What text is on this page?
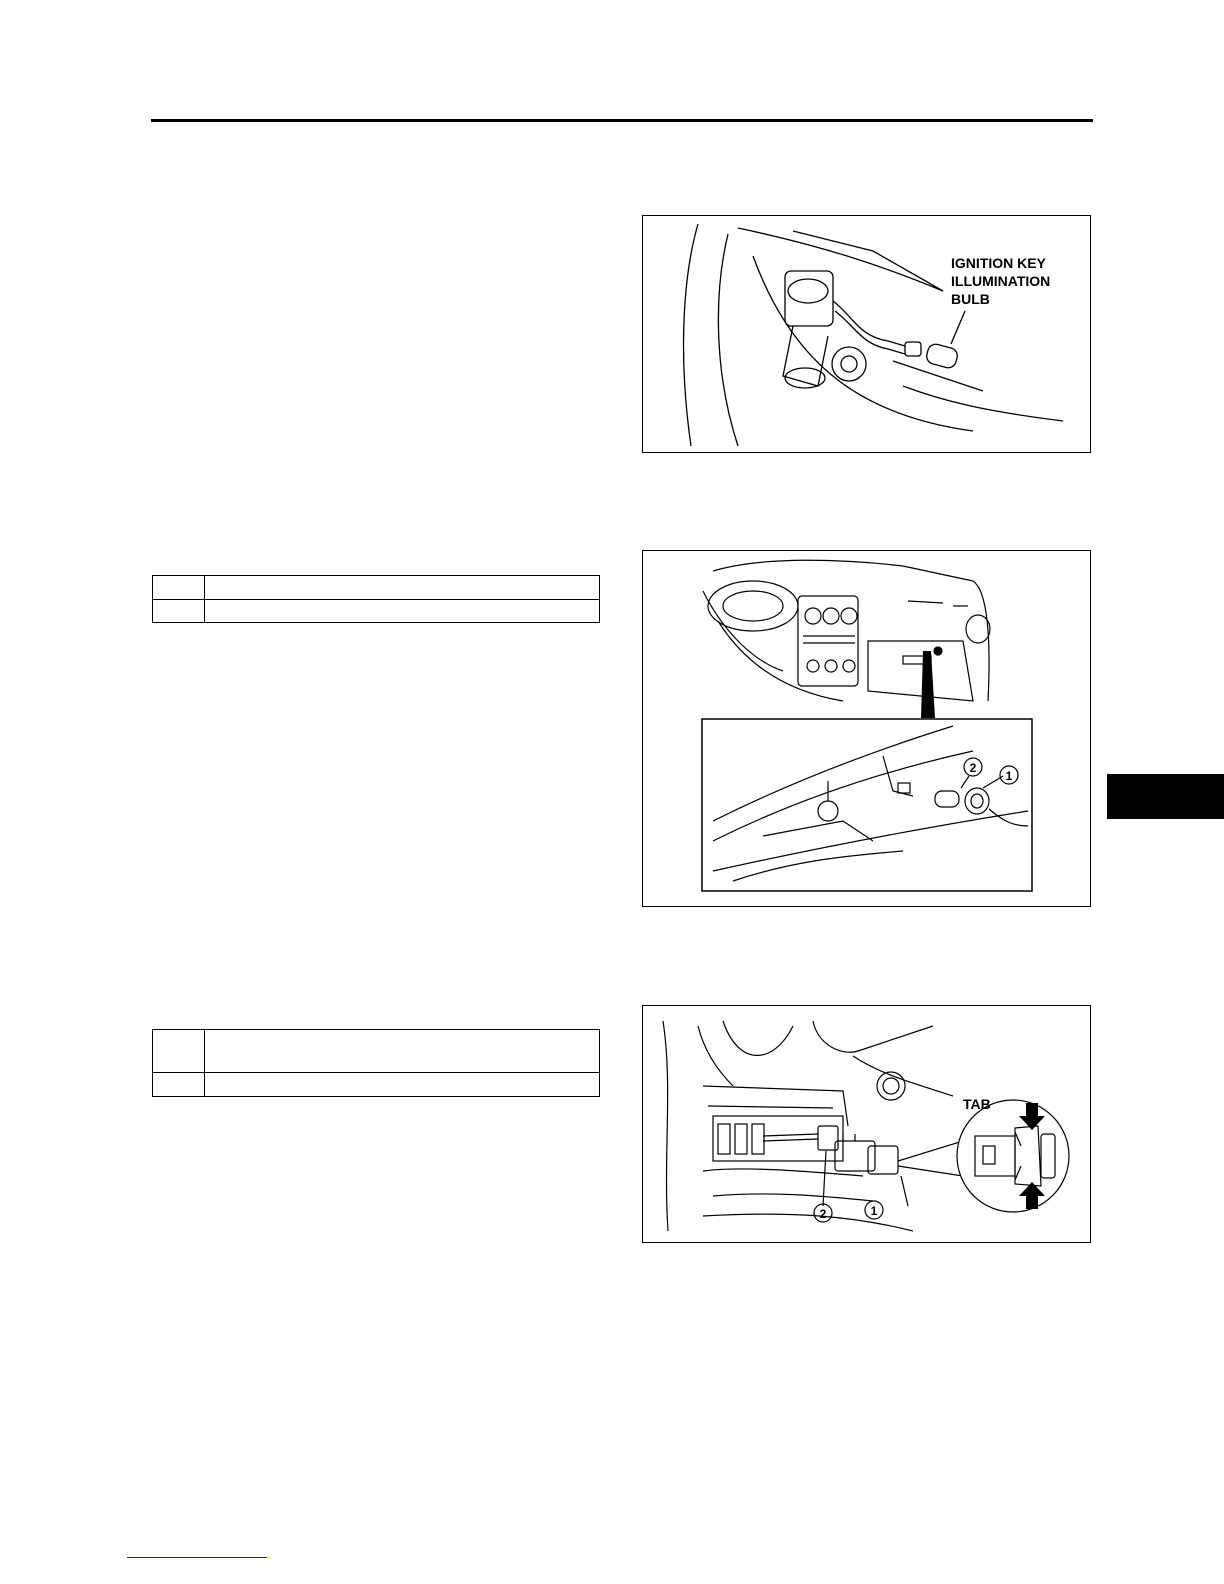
IGNITION KEY
ILLUMINATION
BULB

2
1

TAB
2	1
